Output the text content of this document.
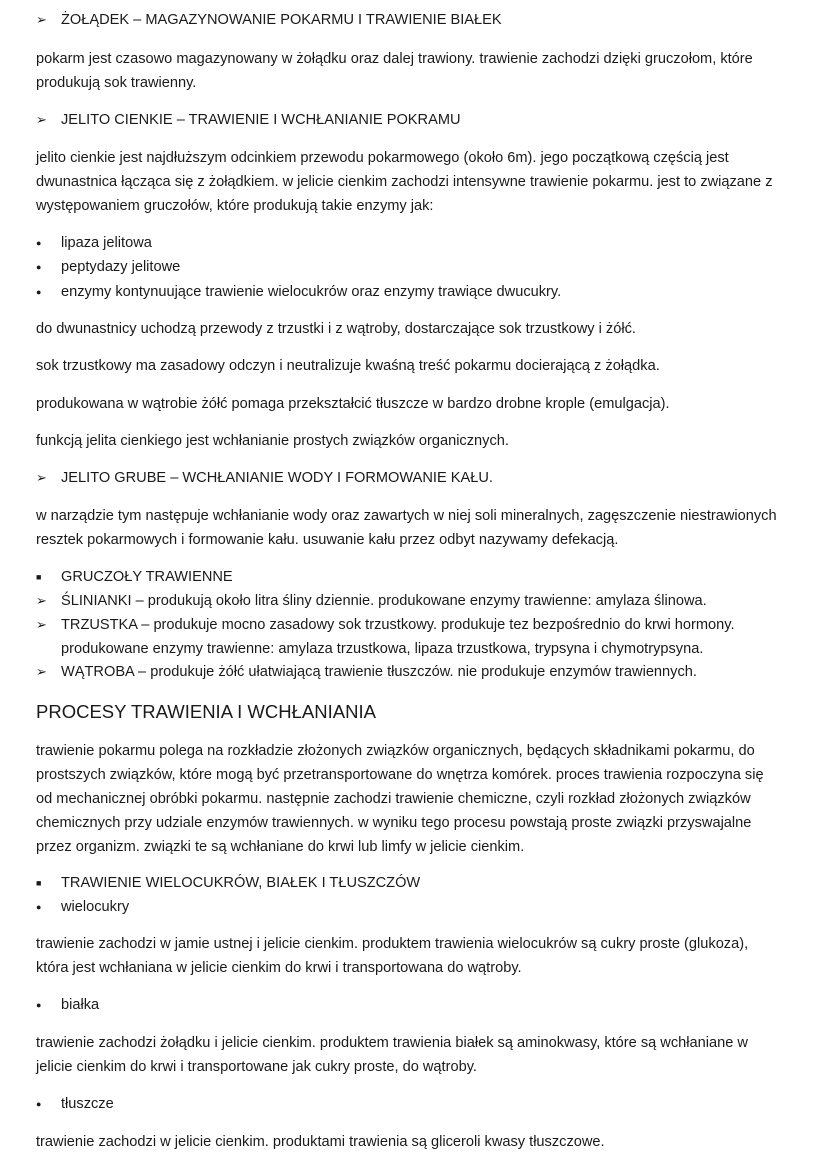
➢ ŻOŁĄDEK – MAGAZYNOWANIE POKARMU I TRAWIENIE BIAŁEK
pokarm jest czasowo magazynowany w żołądku oraz dalej trawiony. trawienie zachodzi dzięki gruczołom, które
produkują sok trawienny.
➢ JELITO CIENKIE – TRAWIENIE I WCHŁANIANIE POKRAMU
jelito cienkie jest najdłuższym odcinkiem przewodu pokarmowego (około 6m). jego początkową częścią jest
dwunastnica łącząca się z żołądkiem. w jelicie cienkim zachodzi intensywne trawienie pokarmu. jest to związane z
występowaniem gruczołów, które produkują takie enzymy jak:
● lipaza jelitowa
● peptydazy jelitowe
● enzymy kontynuujące trawienie wielocukrów oraz enzymy trawiące dwucukry.
do dwunastnicy uchodzą przewody z trzustki i z wątroby, dostarczające sok trzustkowy i żółć.
sok trzustkowy ma zasadowy odczyn i neutralizuje kwaśną treść pokarmu docierającą z żołądka.
produkowana w wątrobie żółć pomaga przekształcić tłuszcze w bardzo drobne krople (emulgacja).
funkcją jelita cienkiego jest wchłanianie prostych związków organicznych.
➢ JELITO GRUBE – WCHŁANIANIE WODY I FORMOWANIE KAŁU.
w narządzie tym następuje wchłanianie wody oraz zawartych w niej soli mineralnych, zagęszczenie niestrawionych
resztek pokarmowych i formowanie kału. usuwanie kału przez odbyt nazywamy defekacją.
■ GRUCZOŁY TRAWIENNE
➢ ŚLINIANKI – produkują około litra śliny dziennie. produkowane enzymy trawienne: amylaza ślinowa.
➢ TRZUSTKA – produkuje mocno zasadowy sok trzustkowy. produkuje tez bezpośrednio do krwi hormony.
produkowane enzymy trawienne: amylaza trzustkowa, lipaza trzustkowa, trypsyna i chymotrypsyna.
➢ WĄTROBA – produkuje żółć ułatwiającą trawienie tłuszczów. nie produkuje enzymów trawiennych.
PROCESY TRAWIENIA I WCHŁANIANIA
trawienie pokarmu polega na rozkładzie złożonych związków organicznych, będących składnikami pokarmu, do
prostszych związków, które mogą być przetransportowane do wnętrza komórek. proces trawienia rozpoczyna się
od mechanicznej obróbki pokarmu. następnie zachodzi trawienie chemiczne, czyli rozkład złożonych związków
chemicznych przy udziale enzymów trawiennych. w wyniku tego procesu powstają proste związki przyswajalne
przez organizm. związki te są wchłaniane do krwi lub limfy w jelicie cienkim.
■ TRAWIENIE WIELOCUKRÓW, BIAŁEK I TŁUSZCZÓW
● wielocukry
trawienie zachodzi w jamie ustnej i jelicie cienkim. produktem trawienia wielocukrów są cukry proste (glukoza),
która jest wchłaniana w jelicie cienkim do krwi i transportowana do wątroby.
● białka
trawienie zachodzi żołądku i jelicie cienkim. produktem trawienia białek są aminokwasy, które są wchłaniane w
jelicie cienkim do krwi i transportowane jak cukry proste, do wątroby.
● tłuszcze
trawienie zachodzi w jelicie cienkim. produktami trawienia są gliceroli kwasy tłuszczowe.
